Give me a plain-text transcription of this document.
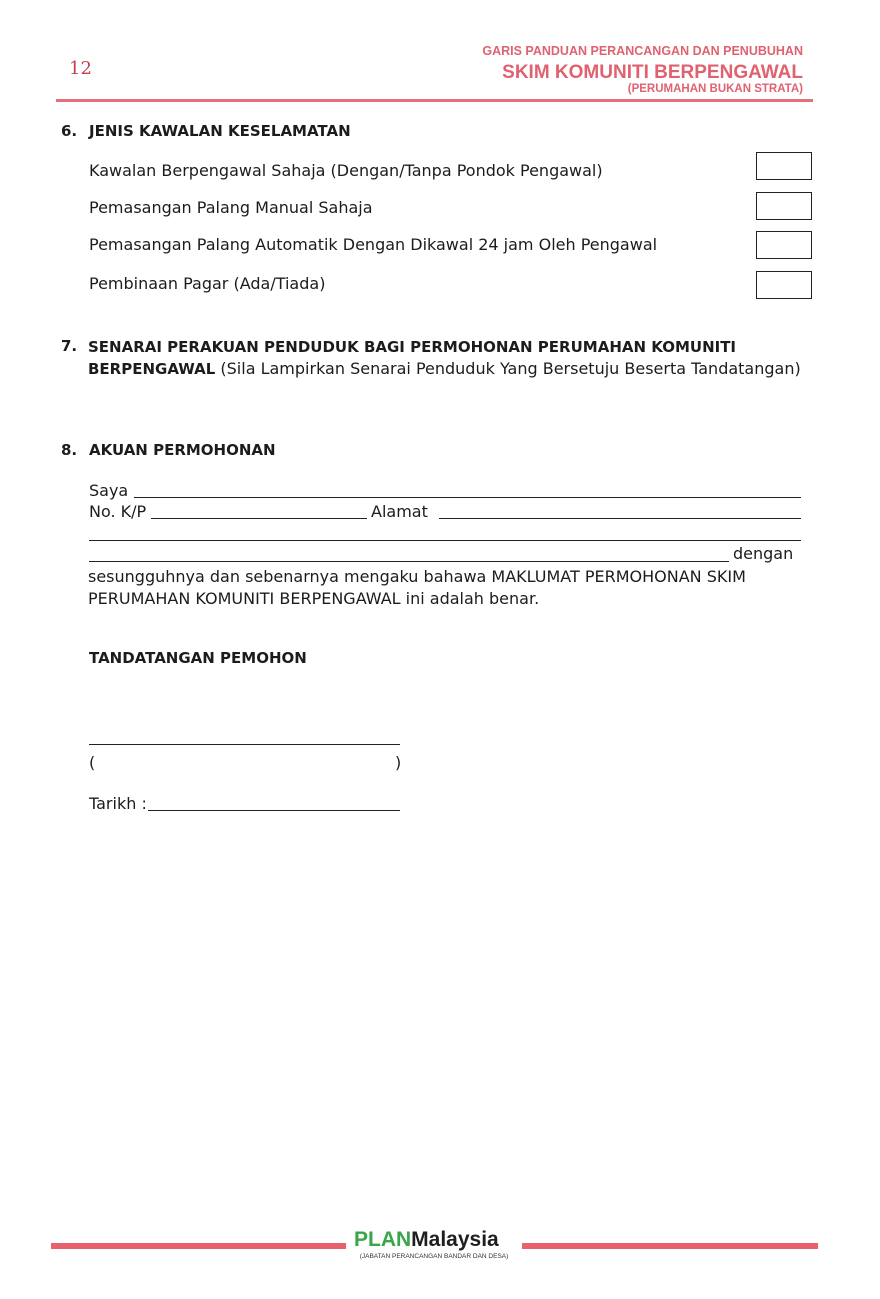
12
GARIS PANDUAN PERANCANGAN DAN PENUBUHAN
SKIM KOMUNITI BERPENGAWAL
(PERUMAHAN BUKAN STRATA)
6. JENIS KAWALAN KESELAMATAN
Kawalan Berpengawal Sahaja (Dengan/Tanpa Pondok Pengawal)
Pemasangan Palang Manual Sahaja
Pemasangan Palang Automatik Dengan Dikawal 24 jam Oleh Pengawal
Pembinaan Pagar (Ada/Tiada)
7. SENARAI PERAKUAN PENDUDUK BAGI PERMOHONAN PERUMAHAN KOMUNITI
BERPENGAWAL (Sila Lampirkan Senarai Penduduk Yang Bersetuju Beserta Tandatangan)
8. AKUAN PERMOHONAN
Saya
No. K/P	Alamat
dengan
sesungguhnya dan sebenarnya mengaku bahawa MAKLUMAT PERMOHONAN SKIM PERUMAHAN KOMUNITI BERPENGAWAL ini adalah benar.
TANDATANGAN PEMOHON
(	)
Tarikh :
PLANMalaysia
(JABATAN PERANCANGAN BANDAR DAN DESA)
